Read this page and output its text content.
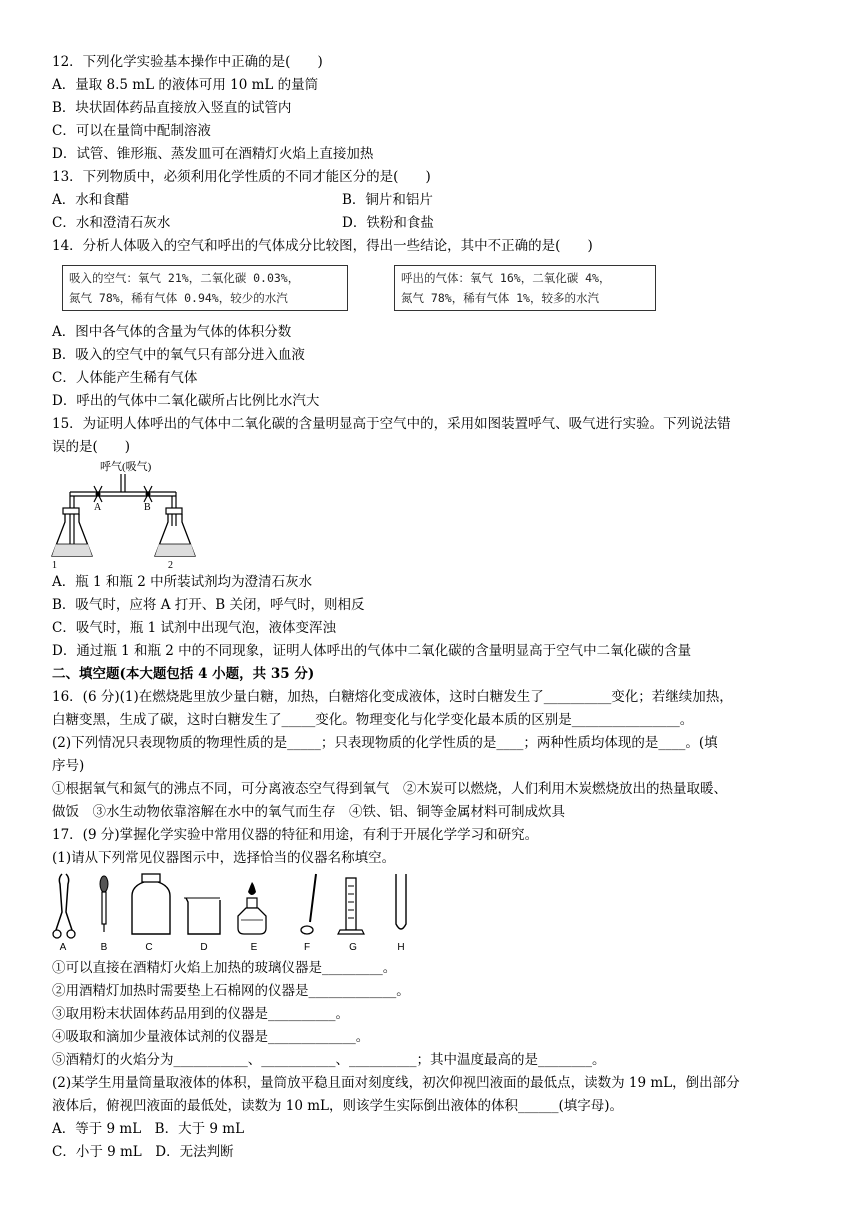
12．下列化学实验基本操作中正确的是(　　)
A．量取 8.5 mL 的液体可用 10 mL 的量筒
B．块状固体药品直接放入竖直的试管内
C．可以在量筒中配制溶液
D．试管、锥形瓶、蒸发皿可在酒精灯火焰上直接加热
13．下列物质中，必须利用化学性质的不同才能区分的是(　　)
A．水和食醋	B．铜片和铝片
C．水和澄清石灰水	D．铁粉和食盐
14．分析人体吸入的空气和呼出的气体成分比较图，得出一些结论，其中不正确的是(　　)
吸入的空气：氧气 21%，二氧化碳 0.03%，
氮气 78%，稀有气体 0.94%，较少的水汽
呼出的气体：氧气 16%，二氧化碳 4%，
氮气 78%，稀有气体 1%，较多的水汽
A．图中各气体的含量为气体的体积分数
B．吸入的空气中的氧气只有部分进入血液
C．人体能产生稀有气体
D．呼出的气体中二氧化碳所占比例比水汽大
15．为证明人体呼出的气体中二氧化碳的含量明显高于空气中的，采用如图装置呼气、吸气进行实验。下列说法错
误的是(　　)
呼气(吸气)
A	B
1	2
A．瓶 1 和瓶 2 中所装试剂均为澄清石灰水
B．吸气时，应将 A 打开、B 关闭，呼气时，则相反
C．吸气时，瓶 1 试剂中出现气泡，液体变浑浊
D．通过瓶 1 和瓶 2 中的不同现象，证明人体呼出的气体中二氧化碳的含量明显高于空气中二氧化碳的含量
二、填空题(本大题包括 4 小题，共 35 分)
16．(6 分)(1)在燃烧匙里放少量白糖，加热，白糖熔化变成液体，这时白糖发生了__________变化；若继续加热，
白糖变黑，生成了碳，这时白糖发生了_____变化。物理变化与化学变化最本质的区别是________________。
(2)下列情况只表现物质的物理性质的是_____；只表现物质的化学性质的是____；两种性质均体现的是____。(填
序号)
①根据氧气和氮气的沸点不同，可分离液态空气得到氧气　②木炭可以燃烧，人们利用木炭燃烧放出的热量取暖、
做饭　③水生动物依靠溶解在水中的氧气而生存　④铁、铝、铜等金属材料可制成炊具
17．(9 分)掌握化学实验中常用仪器的特征和用途，有利于开展化学学习和研究。
(1)请从下列常见仪器图示中，选择恰当的仪器名称填空。
A	B	C	D	E	F	G	H
①可以直接在酒精灯火焰上加热的玻璃仪器是_________。
②用酒精灯加热时需要垫上石棉网的仪器是_____________。
③取用粉末状固体药品用到的仪器是__________。
④吸取和滴加少量液体试剂的仪器是_____________。
⑤酒精灯的火焰分为___________、___________、__________；其中温度最高的是________。
(2)某学生用量筒量取液体的体积，量筒放平稳且面对刻度线，初次仰视凹液面的最低点，读数为 19 mL，倒出部分
液体后，俯视凹液面的最低处，读数为 10 mL，则该学生实际倒出液体的体积______(填字母)。
A．等于 9 mL　B．大于 9 mL
C．小于 9 mL　D．无法判断
